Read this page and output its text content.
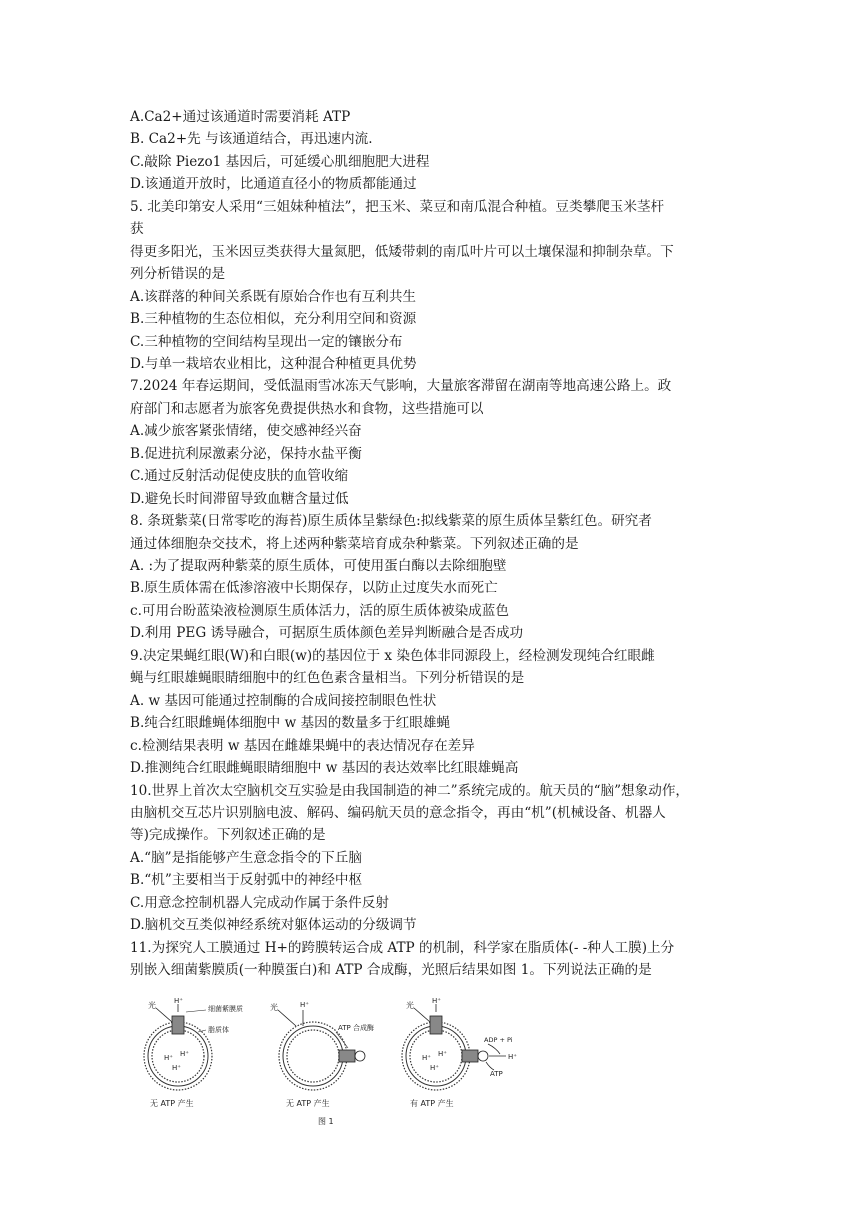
A.Ca2+通过该通道时需要消耗 ATP
B. Ca2+先 与该通道结合，再迅速内流.
C.敲除 Piezo1 基因后，可延缓心肌细胞肥大进程
D.该通道开放时，比通道直径小的物质都能通过
5. 北美印第安人采用“三姐妹种植法”，把玉米、菜豆和南瓜混合种植。豆类攀爬玉米茎杆
获
得更多阳光，玉米因豆类获得大量氮肥，低矮带刺的南瓜叶片可以土壤保湿和抑制杂草。下
列分析错误的是
A.该群落的种间关系既有原始合作也有互利共生
B.三种植物的生态位相似，充分利用空间和资源
C.三种植物的空间结构呈现出一定的镶嵌分布
D.与单一栽培农业相比，这种混合种植更具优势
7.2024 年春运期间，受低温雨雪冰冻天气影响，大量旅客滞留在湖南等地高速公路上。政
府部门和志愿者为旅客免费提供热水和食物，这些措施可以
A.减少旅客紧张情绪，使交感神经兴奋
B.促进抗利尿激素分泌，保持水盐平衡
C.通过反射活动促使皮肤的血管收缩
D.避免长时间滞留导致血糖含量过低
8. 条斑紫菜(日常零吃的海苔)原生质体呈紫绿色:拟线紫菜的原生质体呈紫红色。研究者
通过体细胞杂交技术，将上述两种紫菜培育成杂种紫菜。下列叙述正确的是
A. :为了提取两种紫菜的原生质体，可使用蛋白酶以去除细胞壁
B.原生质体需在低渗溶液中长期保存，以防止过度失水而死亡
c.可用台盼蓝染液检测原生质体活力，活的原生质体被染成蓝色
D.利用 PEG 诱导融合，可据原生质体颜色差异判断融合是否成功
9.决定果蝇红眼(W)和白眼(w)的基因位于 x 染色体非同源段上，经检测发现纯合红眼雌
蝇与红眼雄蝇眼睛细胞中的红色色素含量相当。下列分析错误的是
A. w 基因可能通过控制酶的合成间接控制眼色性状
B.纯合红眼雌蝇体细胞中 w 基因的数量多于红眼雄蝇
c.检测结果表明 w 基因在雌雄果蝇中的表达情况存在差异
D.推测纯合红眼雌蝇眼睛细胞中 w 基因的表达效率比红眼雄蝇高
10.世界上首次太空脑机交互实验是由我国制造的神二”系统完成的。航天员的“脑”想象动作，
由脑机交互芯片识别脑电波、解码、编码航天员的意念指令，再由“机”(机械设备、机器人
等)完成操作。下列叙述正确的是
A.“脑”是指能够产生意念指令的下丘脑
B.“机”主要相当于反射弧中的神经中枢
C.用意念控制机器人完成动作属于条件反射
D.脑机交互类似神经系统对躯体运动的分级调节
11.为探究人工膜通过 H+的跨膜转运合成 ATP 的机制，科学家在脂质体(- -种人工膜)上分
别嵌入细菌紫膜质(一种膜蛋白)和 ATP 合成酶，光照后结果如图 1。下列说法正确的是
光	H⁺
细菌紫膜质
脂质体
H⁺ H⁺
H⁺
无 ATP 产生
光	H⁺
ATP 合成酶
无 ATP 产生
光	H⁺
ADP + Pi
H⁺
ATP
H⁺ H⁺
H⁺
有 ATP 产生
图 1
